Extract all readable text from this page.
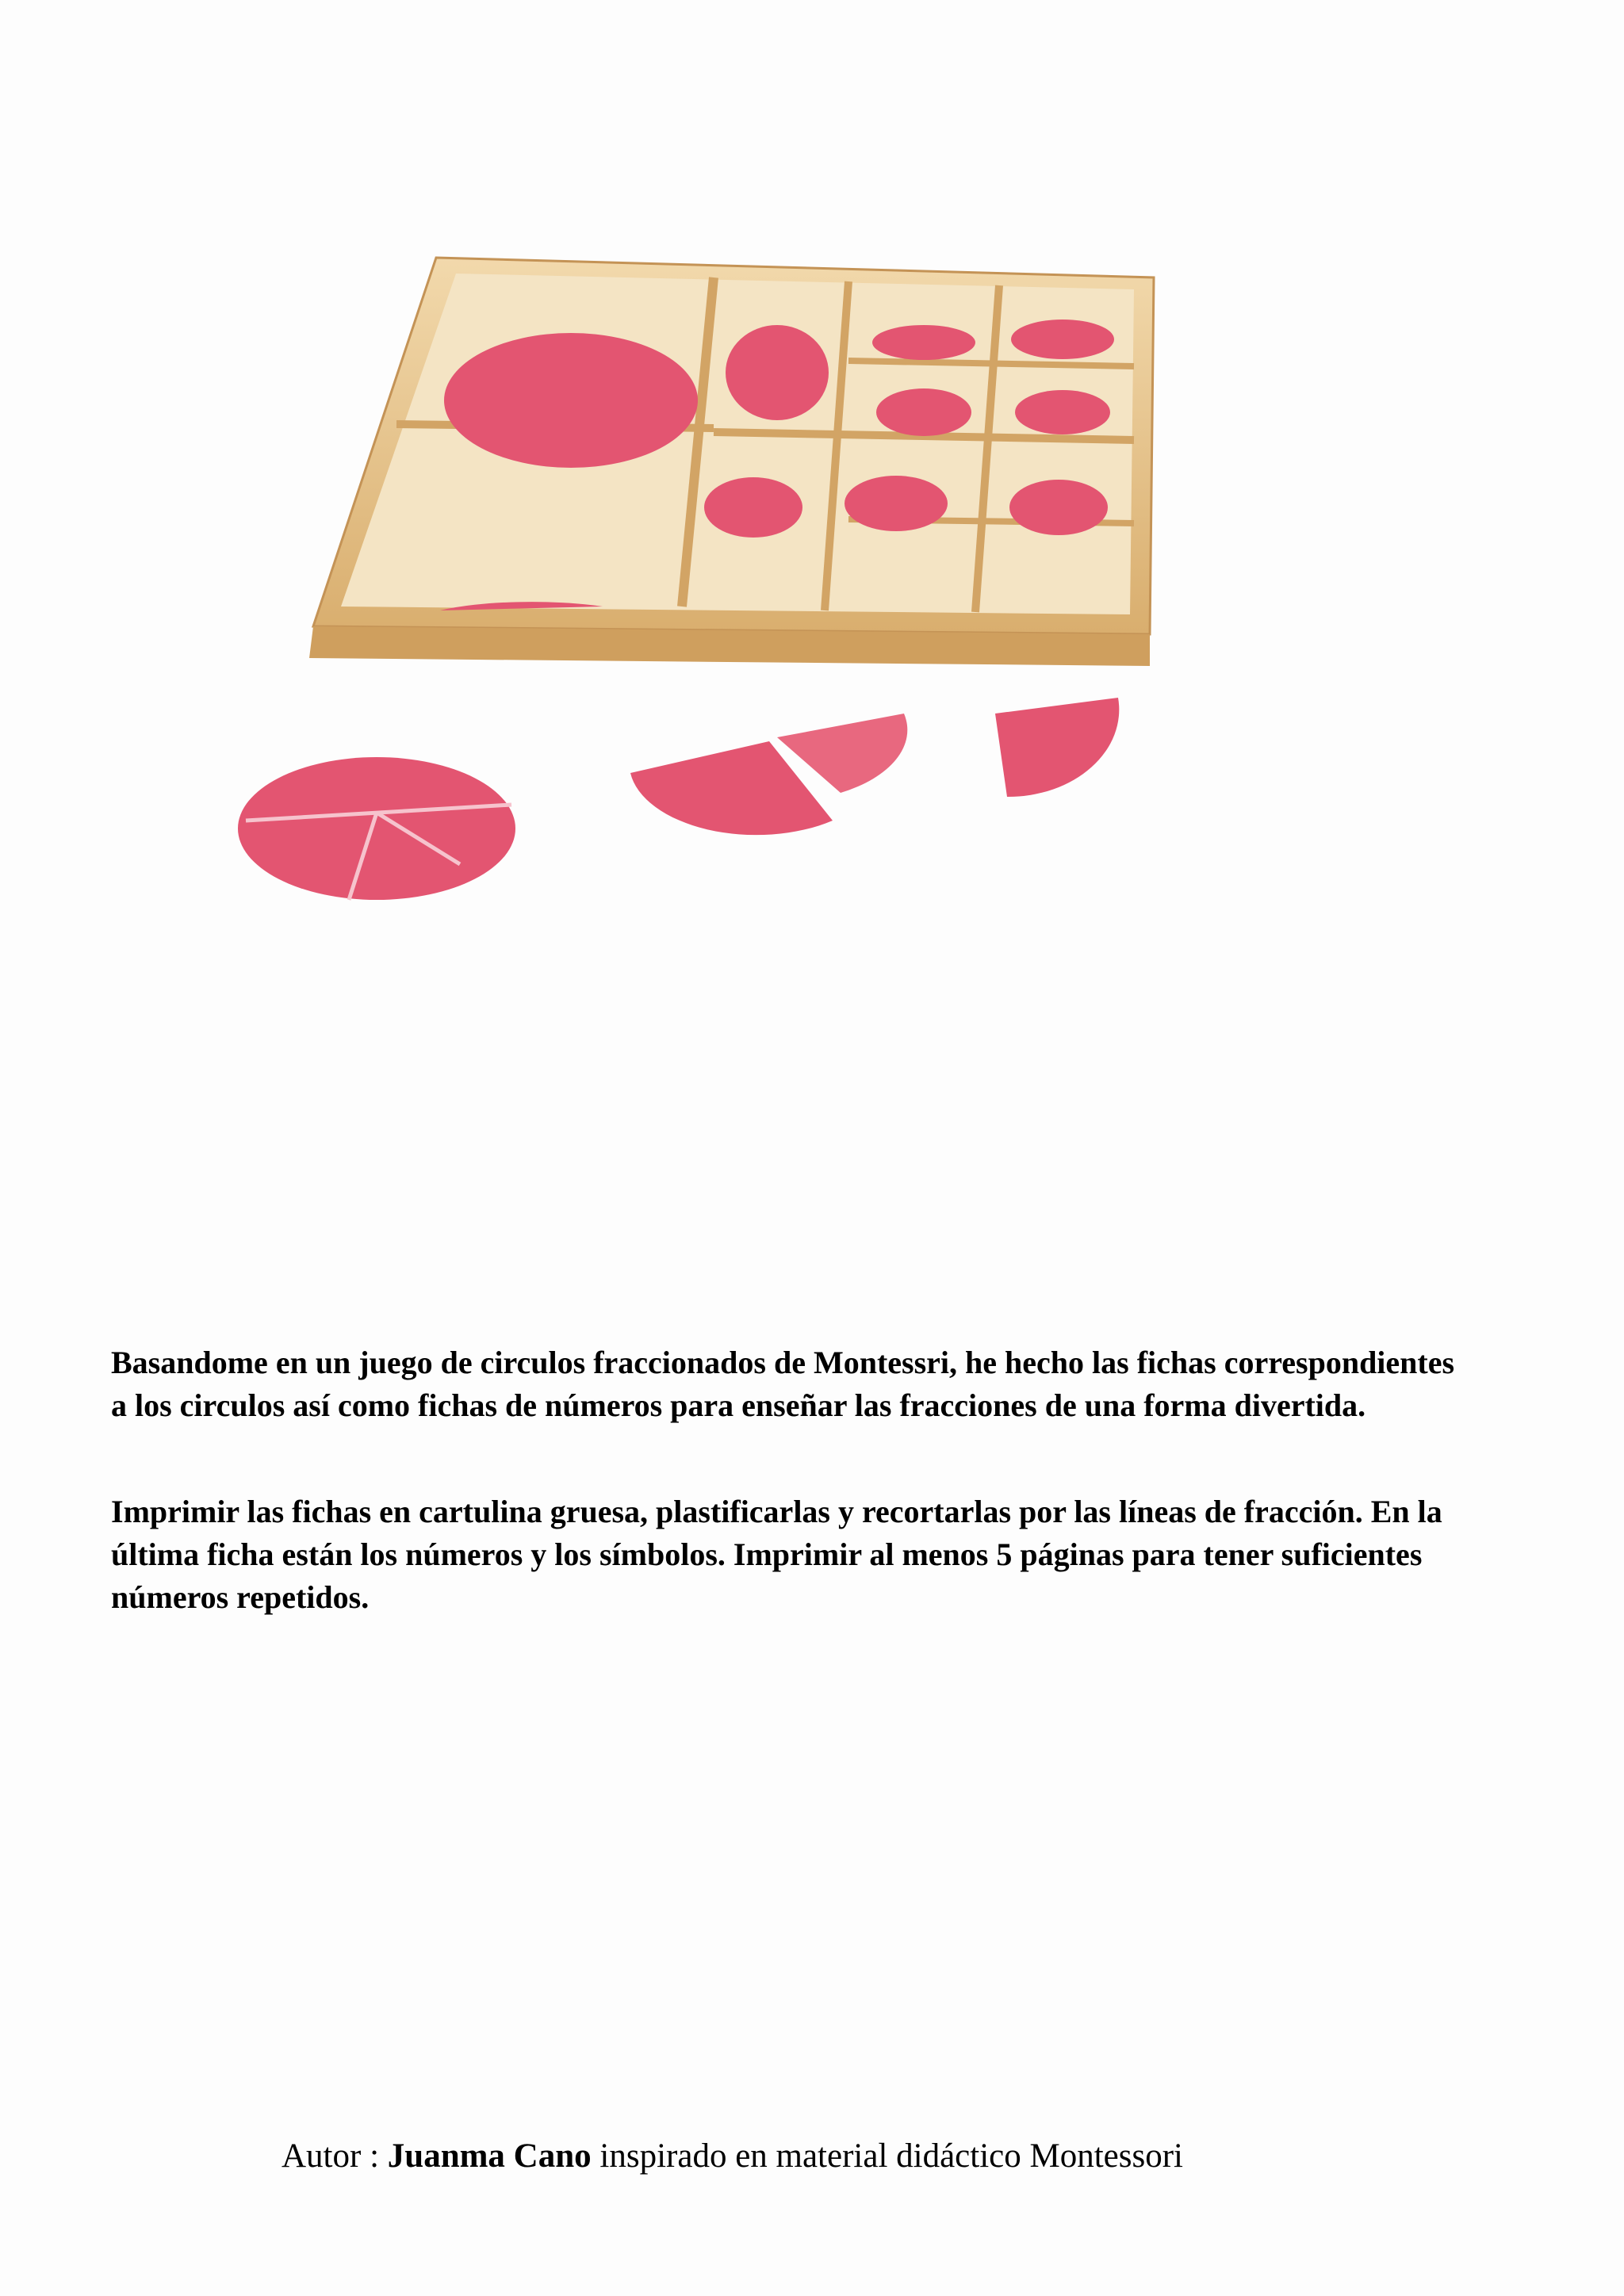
Basandome en un juego de circulos fraccionados de Montessri, he hecho las fichas correspondientes a los circulos así como fichas de números para enseñar las fracciones de una forma divertida.

Imprimir las fichas en cartulina gruesa, plastificarlas y recortarlas por las líneas de fracción. En la última ficha están los números y los símbolos. Imprimir al menos 5 páginas para tener suficientes números repetidos.

Autor : Juanma Cano inspirado en material didáctico Montessori
